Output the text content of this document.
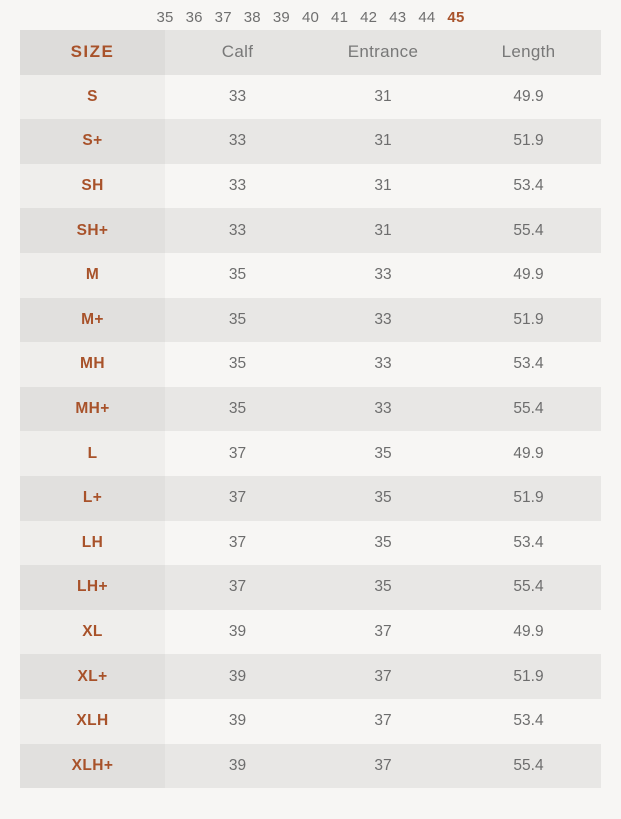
35 36 37 38 39 40 41 42 43 44 45
SIZE	Calf	Entrance	Length
S	33	31	49.9
S+	33	31	51.9
SH	33	31	53.4
SH+	33	31	55.4
M	35	33	49.9
M+	35	33	51.9
MH	35	33	53.4
MH+	35	33	55.4
L	37	35	49.9
L+	37	35	51.9
LH	37	35	53.4
LH+	37	35	55.4
XL	39	37	49.9
XL+	39	37	51.9
XLH	39	37	53.4
XLH+	39	37	55.4
